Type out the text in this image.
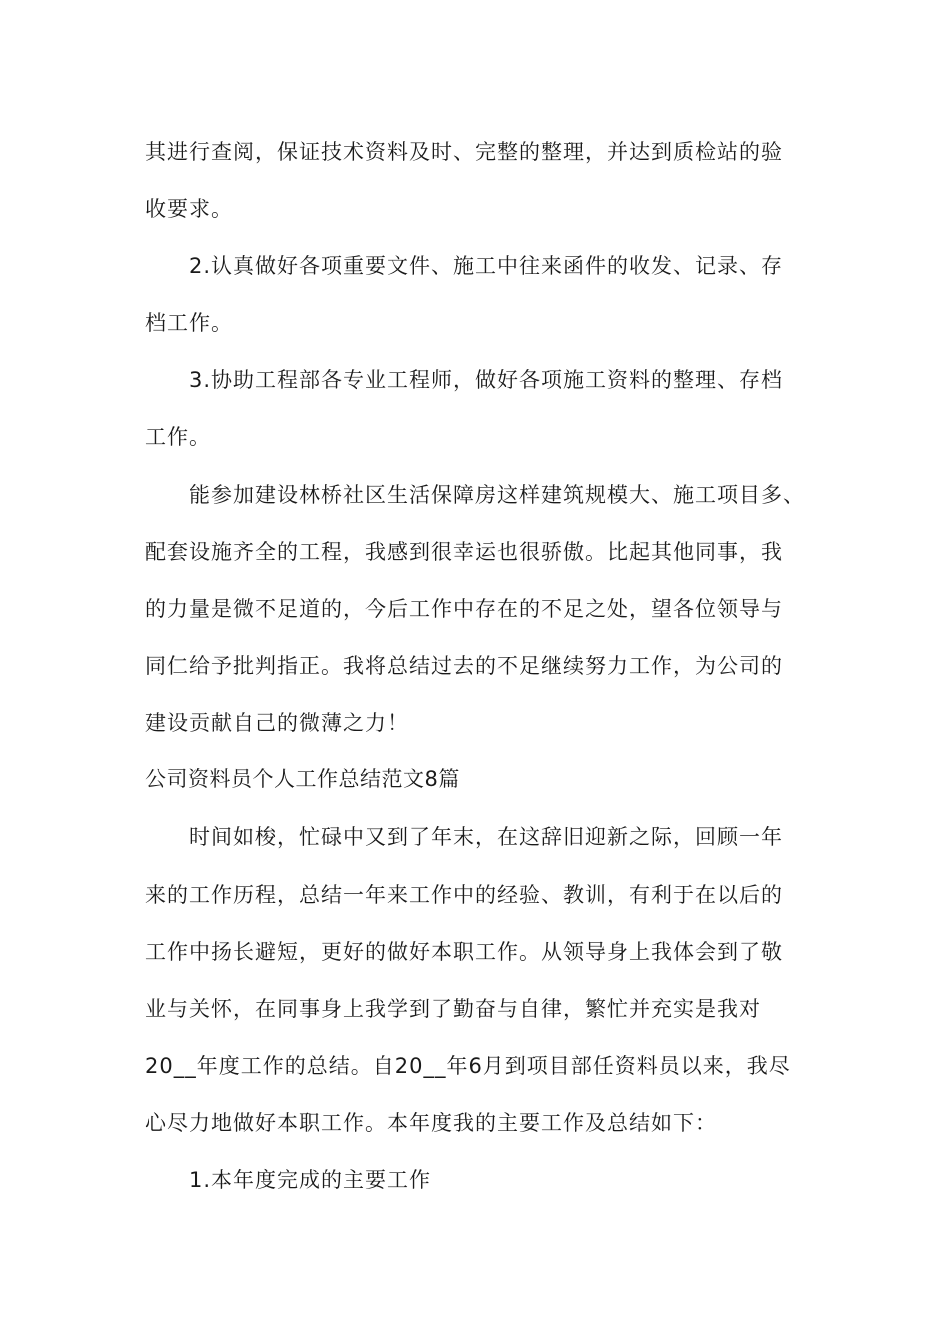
其进行查阅，保证技术资料及时、完整的整理，并达到质检站的验
收要求。
2.认真做好各项重要文件、施工中往来函件的收发、记录、存
档工作。
3.协助工程部各专业工程师，做好各项施工资料的整理、存档
工作。
能参加建设林桥社区生活保障房这样建筑规模大、施工项目多、
配套设施齐全的工程，我感到很幸运也很骄傲。比起其他同事，我
的力量是微不足道的，今后工作中存在的不足之处，望各位领导与
同仁给予批判指正。我将总结过去的不足继续努力工作，为公司的
建设贡献自己的微薄之力！
公司资料员个人工作总结范文8篇
时间如梭，忙碌中又到了年末，在这辞旧迎新之际，回顾一年
来的工作历程，总结一年来工作中的经验、教训，有利于在以后的
工作中扬长避短，更好的做好本职工作。从领导身上我体会到了敬
业与关怀，在同事身上我学到了勤奋与自律，繁忙并充实是我对
20__年度工作的总结。自20__年6月到项目部任资料员以来，我尽
心尽力地做好本职工作。本年度我的主要工作及总结如下：
1.本年度完成的主要工作
